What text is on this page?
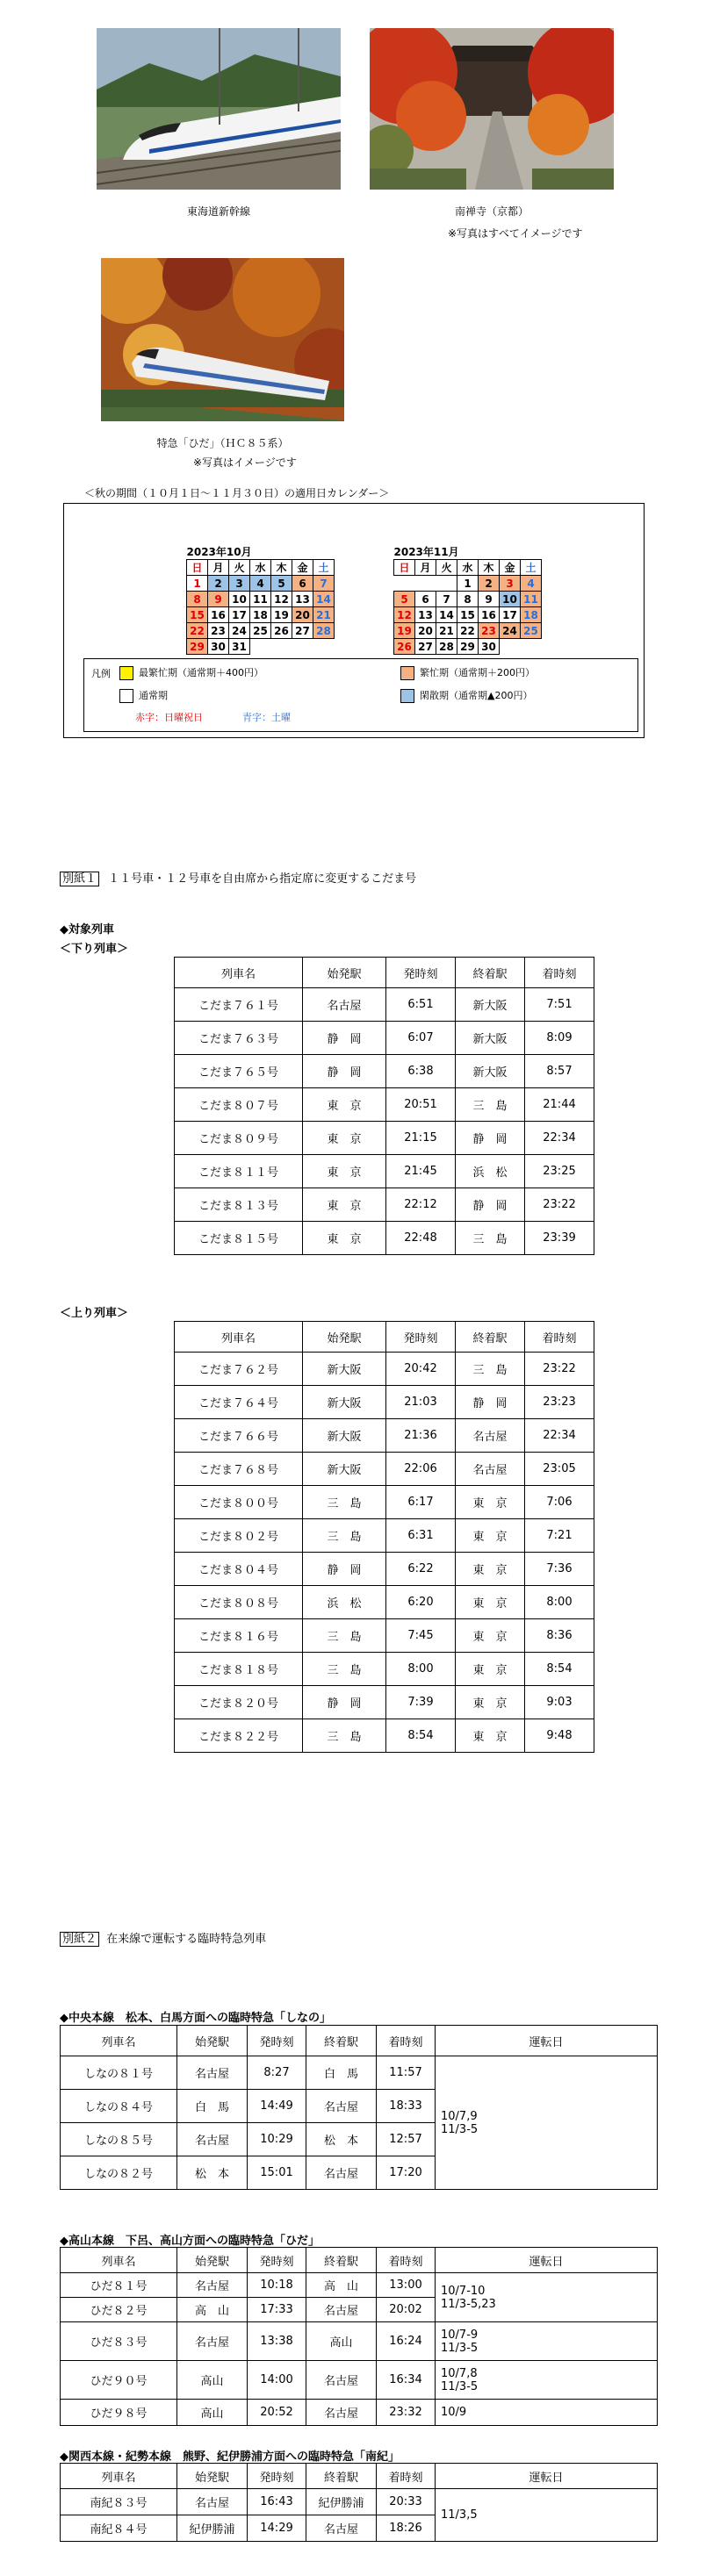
東海道新幹線	南禅寺（京都）
※写真はすべてイメージです
特急「ひだ」（ＨＣ８５系）
※写真はイメージです
＜秋の期間（１０月１日～１１月３０日）の適用日カレンダー＞
2023年10月						
日	月	火	水	木	金	土
1	2	3	4	5	6	7
8	9	10	11	12	13	14
15	16	17	18	19	20	21
22	23	24	25	26	27	28
29	30	31				
2023年11月						
日	月	火	水	木	金	土
			1	2	3	4
5	6	7	8	9	10	11
12	13	14	15	16	17	18
19	20	21	22	23	24	25
26	27	28	29	30		
凡例	最繁忙期（通常期＋400円）	繁忙期（通常期＋200円）
通常期	閑散期（通常期▲200円）
赤字：日曜祝日	青字：土曜
別紙１ １１号車・１２号車を自由席から指定席に変更するこだま号
◆対象列車
＜下り列車＞
列車名	始発駅	発時刻	終着駅	着時刻
こだま７６１号	名古屋	6:51	新大阪	7:51
こだま７６３号	静　岡	6:07	新大阪	8:09
こだま７６５号	静　岡	6:38	新大阪	8:57
こだま８０７号	東　京	20:51	三　島	21:44
こだま８０９号	東　京	21:15	静　岡	22:34
こだま８１１号	東　京	21:45	浜　松	23:25
こだま８１３号	東　京	22:12	静　岡	23:22
こだま８１５号	東　京	22:48	三　島	23:39
＜上り列車＞
列車名	始発駅	発時刻	終着駅	着時刻
こだま７６２号	新大阪	20:42	三　島	23:22
こだま７６４号	新大阪	21:03	静　岡	23:23
こだま７６６号	新大阪	21:36	名古屋	22:34
こだま７６８号	新大阪	22:06	名古屋	23:05
こだま８００号	三　島	6:17	東　京	7:06
こだま８０２号	三　島	6:31	東　京	7:21
こだま８０４号	静　岡	6:22	東　京	7:36
こだま８０８号	浜　松	6:20	東　京	8:00
こだま８１６号	三　島	7:45	東　京	8:36
こだま８１８号	三　島	8:00	東　京	8:54
こだま８２０号	静　岡	7:39	東　京	9:03
こだま８２２号	三　島	8:54	東　京	9:48
別紙２ 在来線で運転する臨時特急列車
◆中央本線　松本、白馬方面への臨時特急「しなの」
列車名	始発駅	発時刻	終着駅	着時刻	運転日
しなの８１号	名古屋	8:27	白　馬	11:57	10/7,9
11/3-5

しなの８４号	白　馬	14:49	名古屋	18:33	
しなの８５号	名古屋	10:29	松　本	12:57	
しなの８２号	松　本	15:01	名古屋	17:20	
◆高山本線　下呂、高山方面への臨時特急「ひだ」
列車名	始発駅	発時刻	終着駅	着時刻	運転日
ひだ８１号	名古屋	10:18	高　山	13:00	10/7-10
11/3-5,23

ひだ８２号	高　山	17:33	名古屋	20:02	
ひだ８３号	名古屋	13:38	高山	16:24	10/7-9
11/3-5

ひだ９０号	高山	14:00	名古屋	16:34	10/7,8
11/3-5

ひだ９８号	高山	20:52	名古屋	23:32	10/9
◆関西本線・紀勢本線　熊野、紀伊勝浦方面への臨時特急「南紀」
列車名	始発駅	発時刻	終着駅	着時刻	運転日
南紀８３号	名古屋	16:43	紀伊勝浦	20:33	11/3,5
南紀８４号	紀伊勝浦	14:29	名古屋	18:26	
